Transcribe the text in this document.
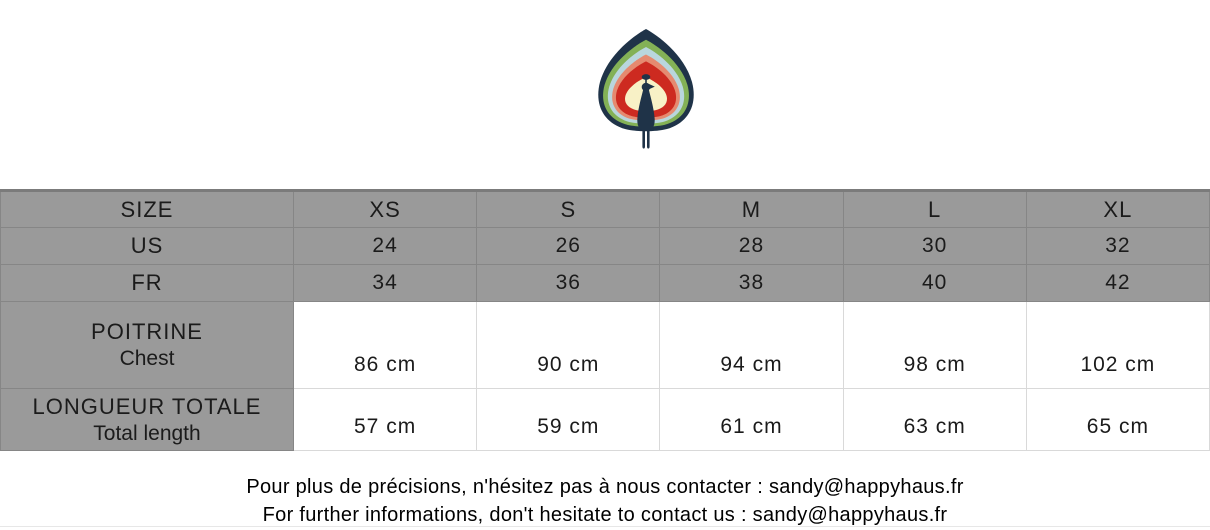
SIZE	XS	S	M	L	XL
US	24	26	28	30	32
FR	34	36	38	40	42

POITRINE
Chest	86 cm	90 cm	94 cm	98 cm	102 cm

LONGUEUR TOTALE
Total length	57 cm	59 cm	61 cm	63 cm	65 cm
Pour plus de précisions, n'hésitez pas à nous contacter : sandy@happyhaus.fr
For further informations, don't hesitate to contact us : sandy@happyhaus.fr
